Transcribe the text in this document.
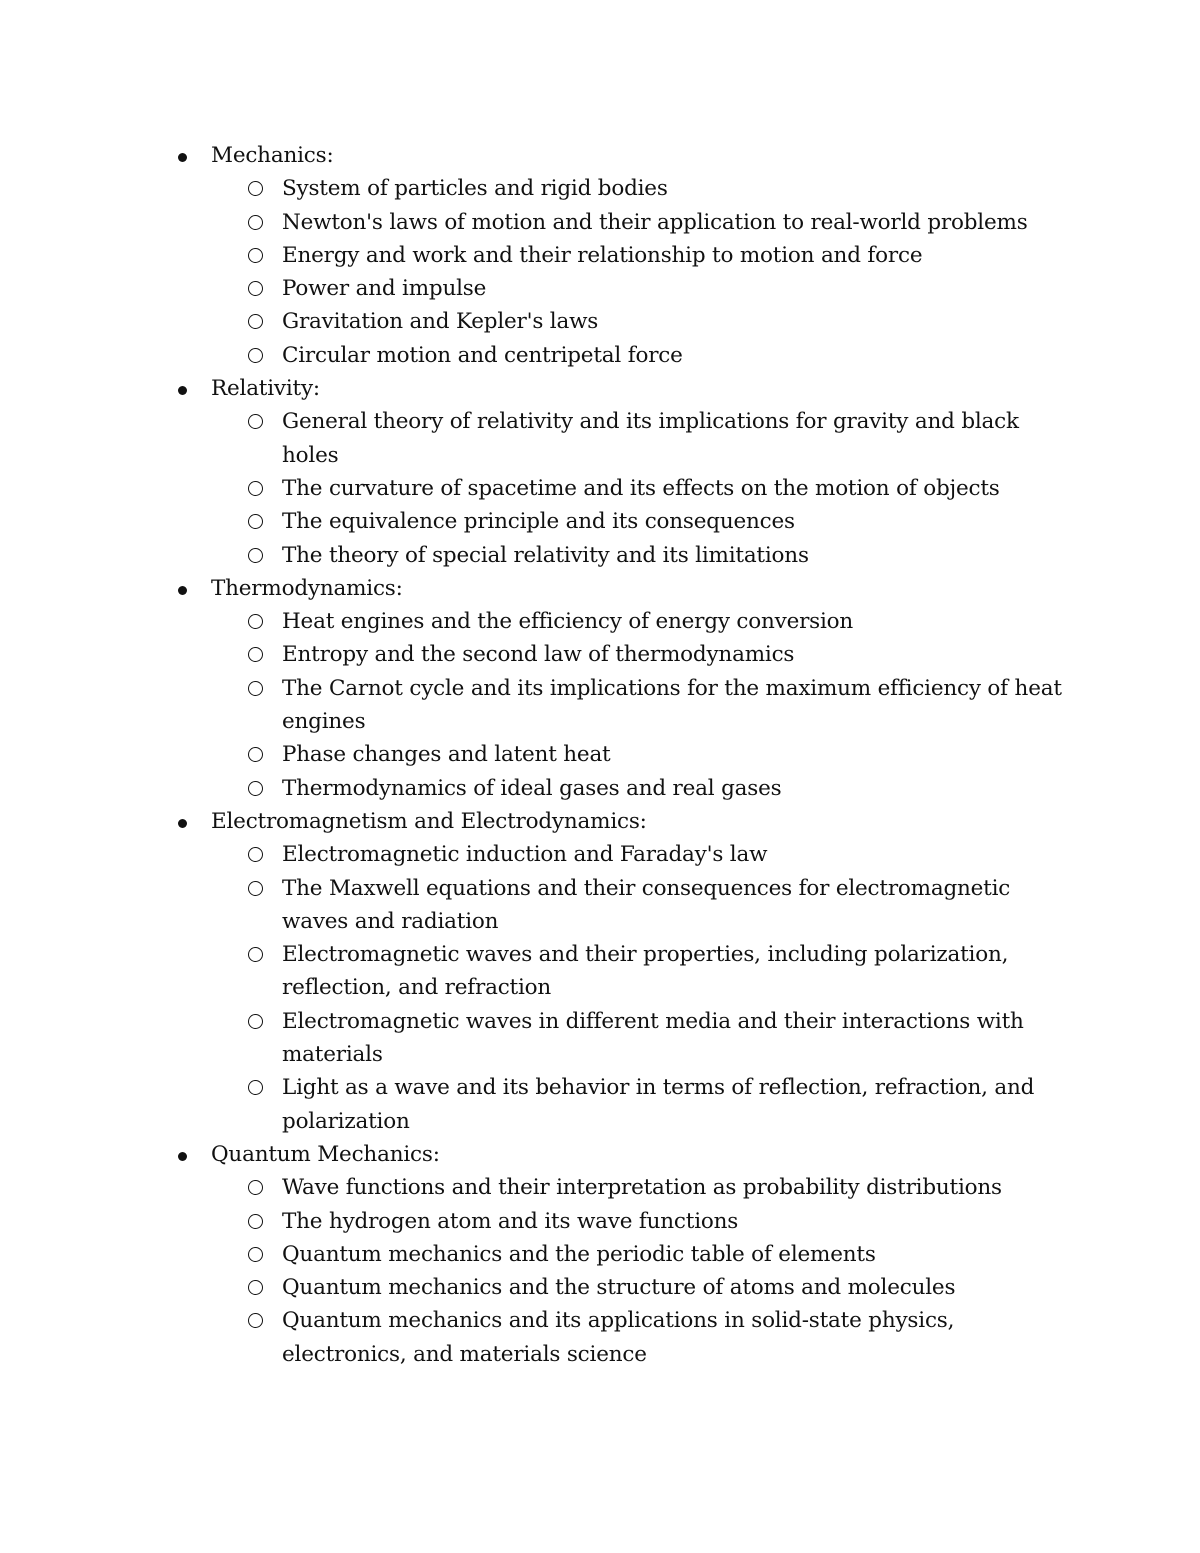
Mechanics:
System of particles and rigid bodies
Newton's laws of motion and their application to real-world problems
Energy and work and their relationship to motion and force
Power and impulse
Gravitation and Kepler's laws
Circular motion and centripetal force
Relativity:
General theory of relativity and its implications for gravity and black holes
The curvature of spacetime and its effects on the motion of objects
The equivalence principle and its consequences
The theory of special relativity and its limitations
Thermodynamics:
Heat engines and the efficiency of energy conversion
Entropy and the second law of thermodynamics
The Carnot cycle and its implications for the maximum efficiency of heat engines
Phase changes and latent heat
Thermodynamics of ideal gases and real gases
Electromagnetism and Electrodynamics:
Electromagnetic induction and Faraday's law
The Maxwell equations and their consequences for electromagnetic waves and radiation
Electromagnetic waves and their properties, including polarization, reflection, and refraction
Electromagnetic waves in different media and their interactions with materials
Light as a wave and its behavior in terms of reflection, refraction, and polarization
Quantum Mechanics:
Wave functions and their interpretation as probability distributions
The hydrogen atom and its wave functions
Quantum mechanics and the periodic table of elements
Quantum mechanics and the structure of atoms and molecules
Quantum mechanics and its applications in solid-state physics, electronics, and materials science
